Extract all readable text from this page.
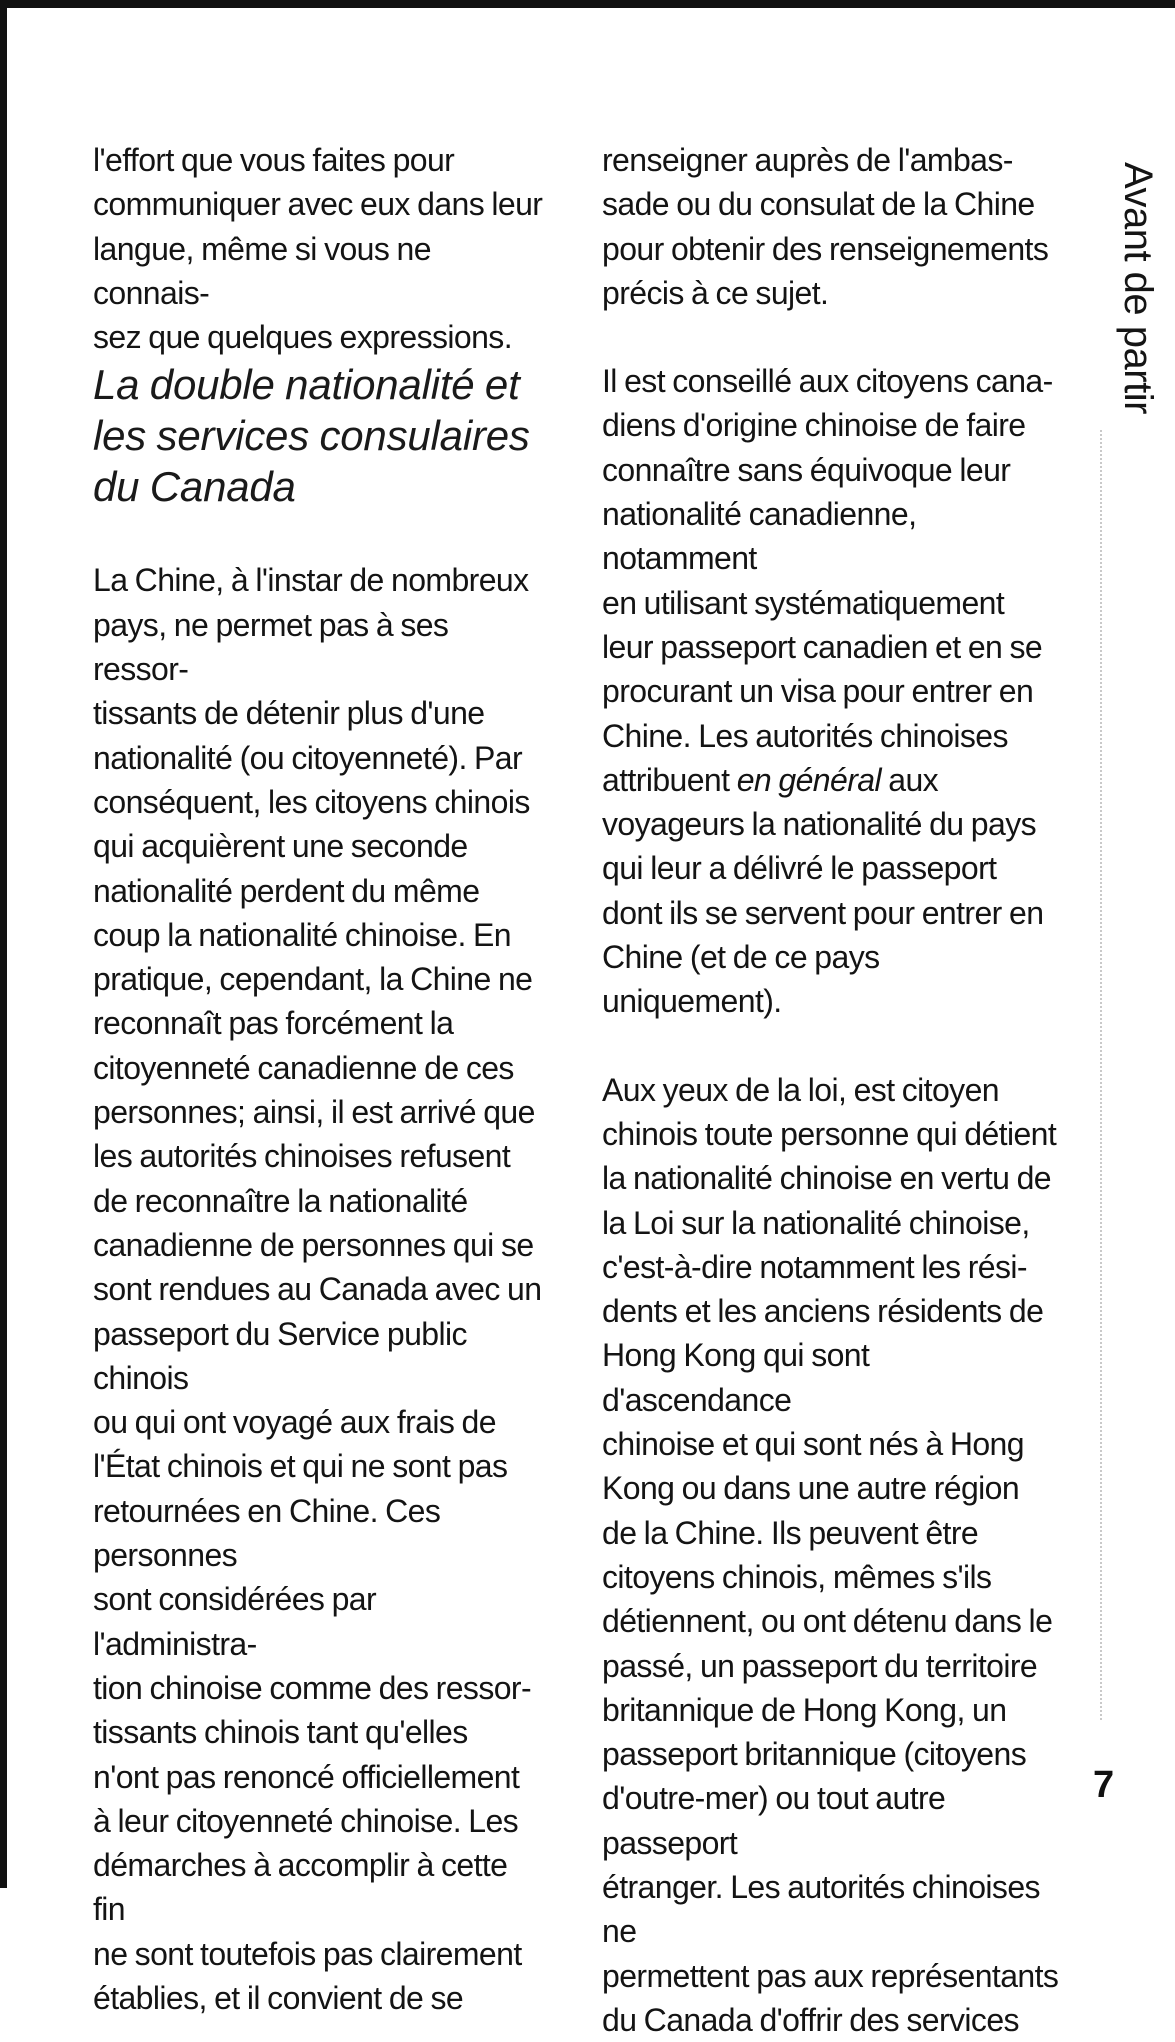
l'effort que vous faites pour
communiquer avec eux dans leur
langue, même si vous ne connais-
sez que quelques expressions.

La double nationalité et
les services consulaires
du Canada

La Chine, à l'instar de nombreux
pays, ne permet pas à ses ressor-
tissants de détenir plus d'une
nationalité (ou citoyenneté). Par
conséquent, les citoyens chinois
qui acquièrent une seconde
nationalité perdent du même
coup la nationalité chinoise. En
pratique, cependant, la Chine ne
reconnaît pas forcément la
citoyenneté canadienne de ces
personnes; ainsi, il est arrivé que
les autorités chinoises refusent
de reconnaître la nationalité
canadienne de personnes qui se
sont rendues au Canada avec un
passeport du Service public chinois
ou qui ont voyagé aux frais de
l'État chinois et qui ne sont pas
retournées en Chine. Ces personnes
sont considérées par l'administra-
tion chinoise comme des ressor-
tissants chinois tant qu'elles
n'ont pas renoncé officiellement
à leur citoyenneté chinoise. Les
démarches à accomplir à cette fin
ne sont toutefois pas clairement
établies, et il convient de se

renseigner auprès de l'ambas-
sade ou du consulat de la Chine
pour obtenir des renseignements
précis à ce sujet.

Il est conseillé aux citoyens cana-
diens d'origine chinoise de faire
connaître sans équivoque leur
nationalité canadienne, notamment
en utilisant systématiquement
leur passeport canadien et en se
procurant un visa pour entrer en
Chine. Les autorités chinoises
attribuent en général aux
voyageurs la nationalité du pays
qui leur a délivré le passeport
dont ils se servent pour entrer en
Chine (et de ce pays uniquement).

Aux yeux de la loi, est citoyen
chinois toute personne qui détient
la nationalité chinoise en vertu de
la Loi sur la nationalité chinoise,
c'est-à-dire notamment les rési-
dents et les anciens résidents de
Hong Kong qui sont d'ascendance
chinoise et qui sont nés à Hong
Kong ou dans une autre région
de la Chine. Ils peuvent être
citoyens chinois, mêmes s'ils
détiennent, ou ont détenu dans le
passé, un passeport du territoire
britannique de Hong Kong, un
passeport britannique (citoyens
d'outre-mer) ou tout autre passeport
étranger. Les autorités chinoises ne
permettent pas aux représentants
du Canada d'offrir des services

Avant de partir
7
